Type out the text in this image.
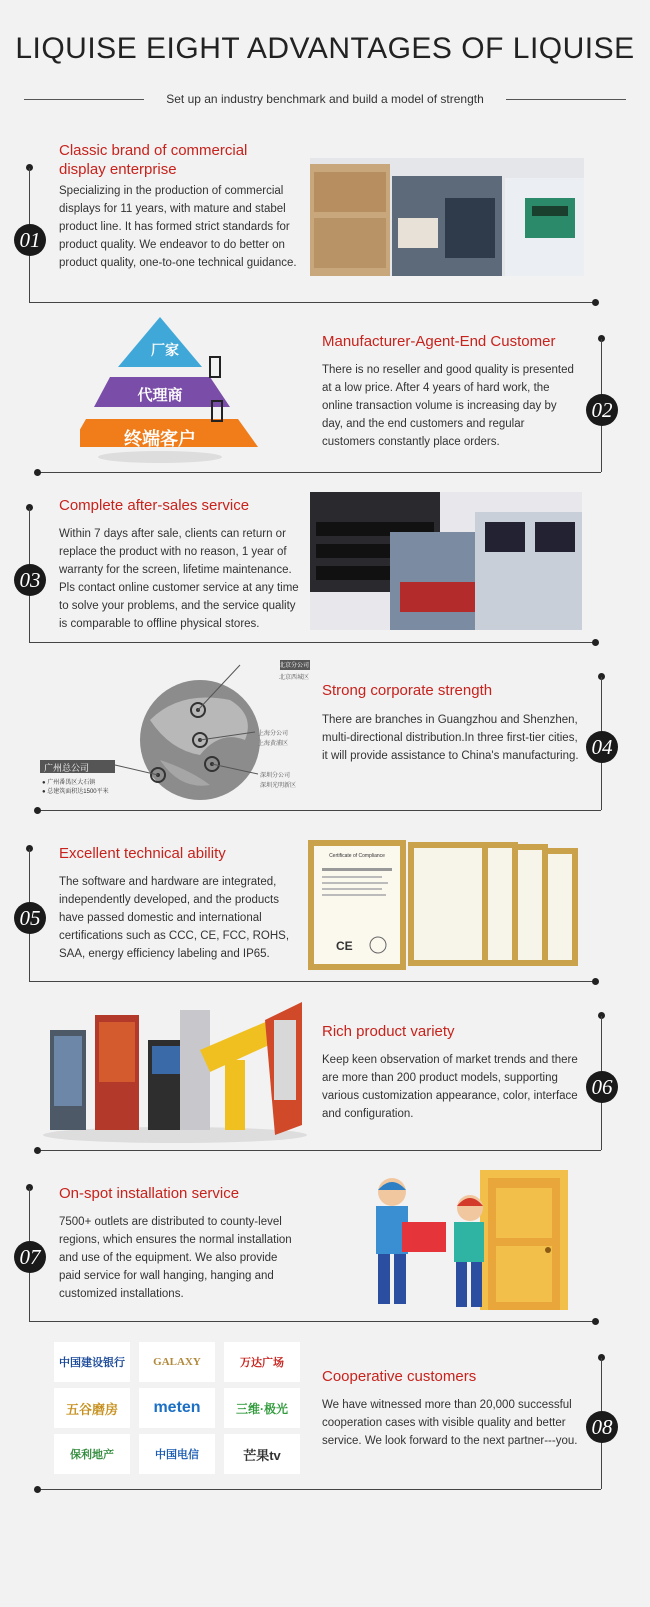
LIQUISE EIGHT ADVANTAGES OF LIQUISE
Set up an industry benchmark and build a model of strength
01
Classic brand of commercial display enterprise
Specializing in the production of commercial displays for 11 years, with mature and stabel product line. It has formed strict standards for product quality. We endeavor to do better on product quality, one-to-one technical guidance.
02
Manufacturer-Agent-End Customer
There is no reseller and good quality is presented at a low price. After 4 years of hard work, the online transaction volume is increasing day by day, and the end customers and regular customers constantly place orders.
厂家
代理商
终端客户
03
Complete after-sales service
Within 7 days after sale, clients can return or replace the product with no reason, 1 year of warranty for the screen, lifetime maintenance. Pls contact online customer service at any time to solve your problems, and the service quality is comparable to offline physical stores.
04
Strong corporate strength
There are branches in Guangzhou and Shenzhen, multi-directional distribution.In three first-tier cities, it will provide assistance to China's manufacturing.
广州总公司
● 广州番禺区大石镇
● 总建筑面积达1500平米
北京分公司
北京西城区
上海分公司
上海黄浦区
深圳分公司
深圳光明新区
05
Excellent technical ability
The software and hardware are integrated, independently developed, and the products have passed domestic and international certifications such as CCC, CE, FCC, ROHS, SAA, energy efficiency labeling and IP65.
CE
Certificate of Compliance
06
Rich product variety
Keep keen observation of market trends and there are more than 200 product models, supporting various customization appearance, color, interface and configuration.
07
On-spot installation service
7500+ outlets are distributed to county-level regions, which ensures the normal installation and use of the equipment. We also provide paid service for wall hanging, hanging and customized installations.
08
Cooperative customers
We have witnessed more than 20,000 successful cooperation cases with visible quality and better service. We look forward to the next partner---you.
中国建设银行	GALAXY	万达广场
五谷磨房	meten	三维·极光
保利地产	中国电信	芒果tv
